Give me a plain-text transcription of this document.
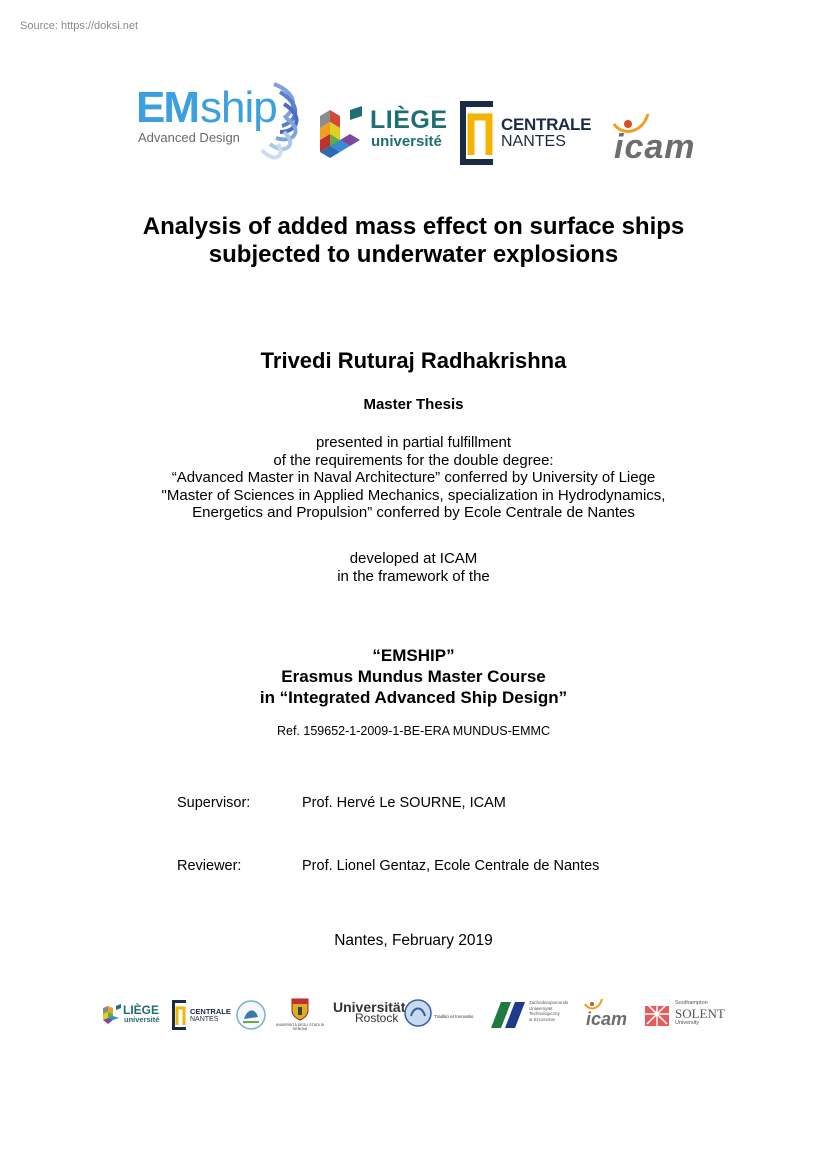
Source: https://doksi.net
EM ship
Advanced Design
LIÈGE
université
CENTRALE
NANTES icam
Analysis of added mass effect on surface ships
subjected to underwater explosions
Trivedi Ruturaj Radhakrishna
Master Thesis
presented in partial fulfillment
of the requirements for the double degree:
“Advanced Master in Naval Architecture” conferred by University of Liege
"Master of Sciences in Applied Mechanics, specialization in Hydrodynamics,
Energetics and Propulsion” conferred by Ecole Centrale de Nantes
developed at ICAM
in the framework of the
“EMSHIP”
Erasmus Mundus Master Course
in “Integrated Advanced Ship Design”
Ref. 159652-1-2009-1-BE-ERA MUNDUS-EMMC
Supervisor:	Prof. Hervé Le SOURNE, ICAM
Reviewer:	Prof. Lionel Gentaz, Ecole Centrale de Nantes
Nantes, February 2019
LIÈGE
université
CENTRALE
NANTES
UNIVERSITÀ DEGLI STUDI DI GENOVA
Universität
Rostock	Traditio et Innovatio
Zachodniopomorski
Uniwersytet
Technologiczny
w Szczecinie	icam
Southampton
SOLENT
University
